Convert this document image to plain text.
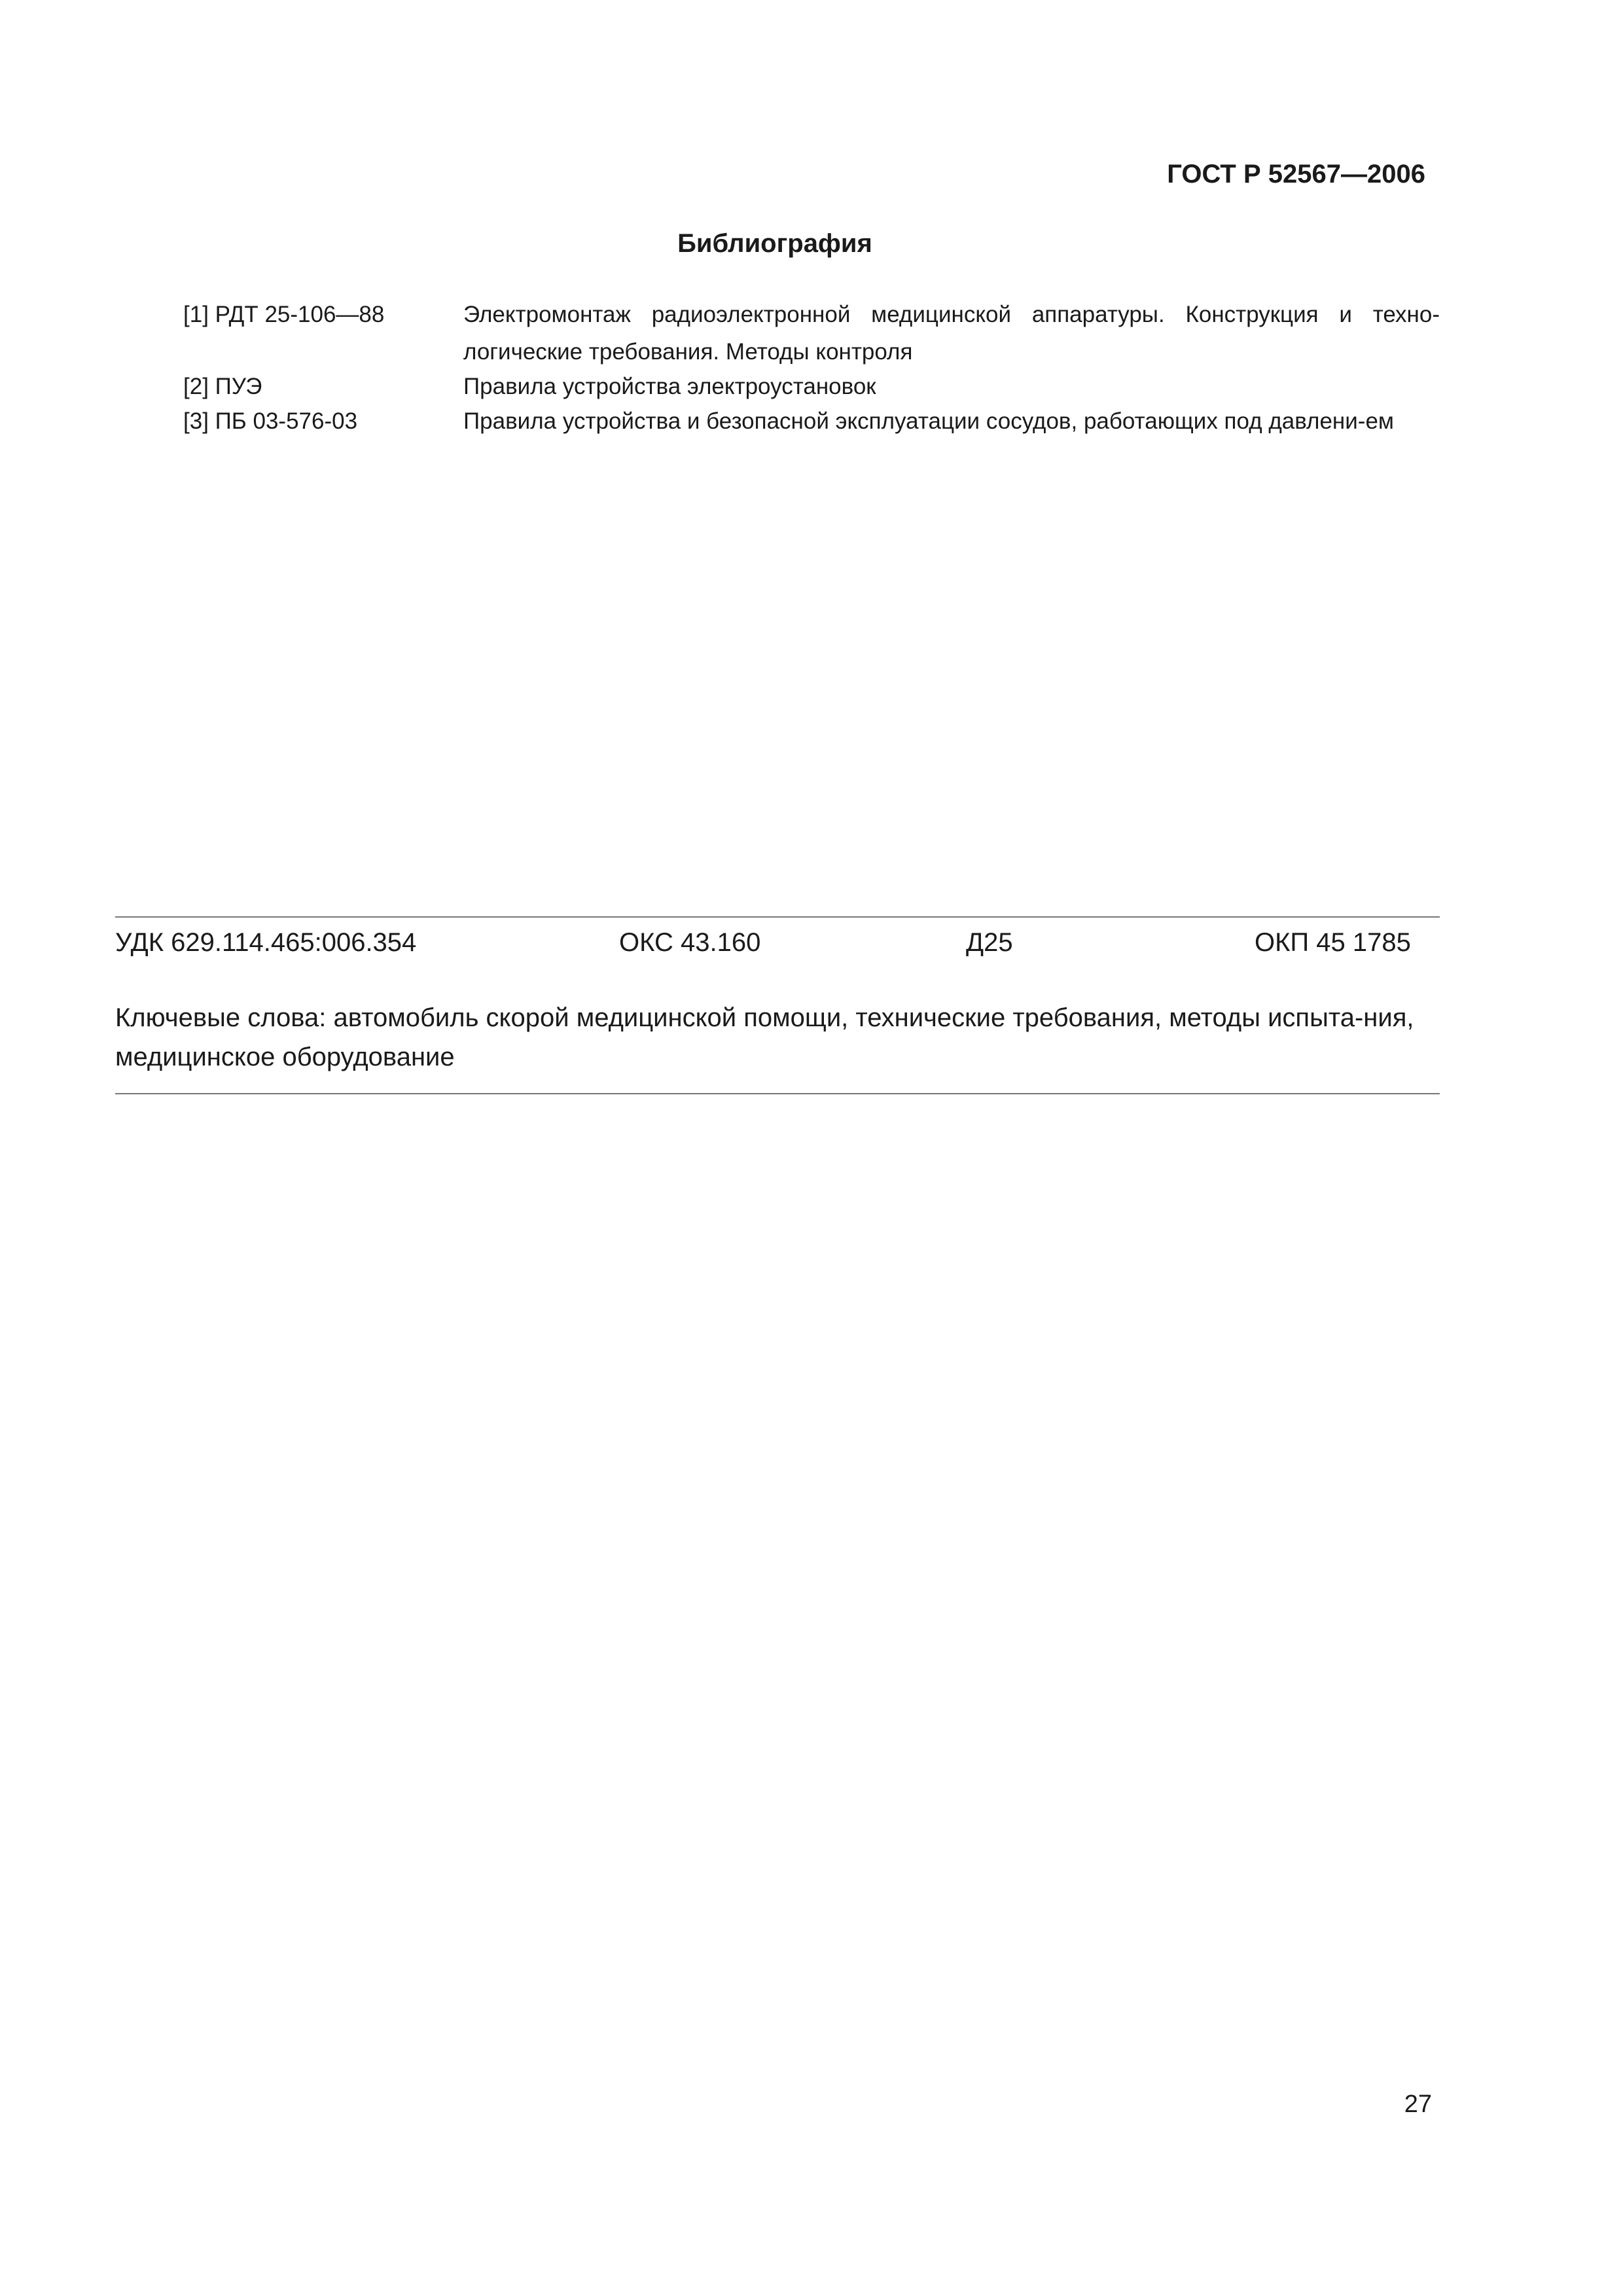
ГОСТ Р 52567—2006
Библиография
[1] РДТ 25-106—88	Электромонтаж радиоэлектронной медицинской аппаратуры. Конструкция и техно-логические требования. Методы контроля
[2] ПУЭ	Правила устройства электроустановок
[3] ПБ 03-576-03	Правила устройства и безопасной эксплуатации сосудов, работающих под давлени-ем
УДК 629.114.465:006.354	ОКС 43.160	Д25	ОКП 45 1785
Ключевые слова: автомобиль скорой медицинской помощи, технические требования, методы испыта-ния, медицинское оборудование
27
